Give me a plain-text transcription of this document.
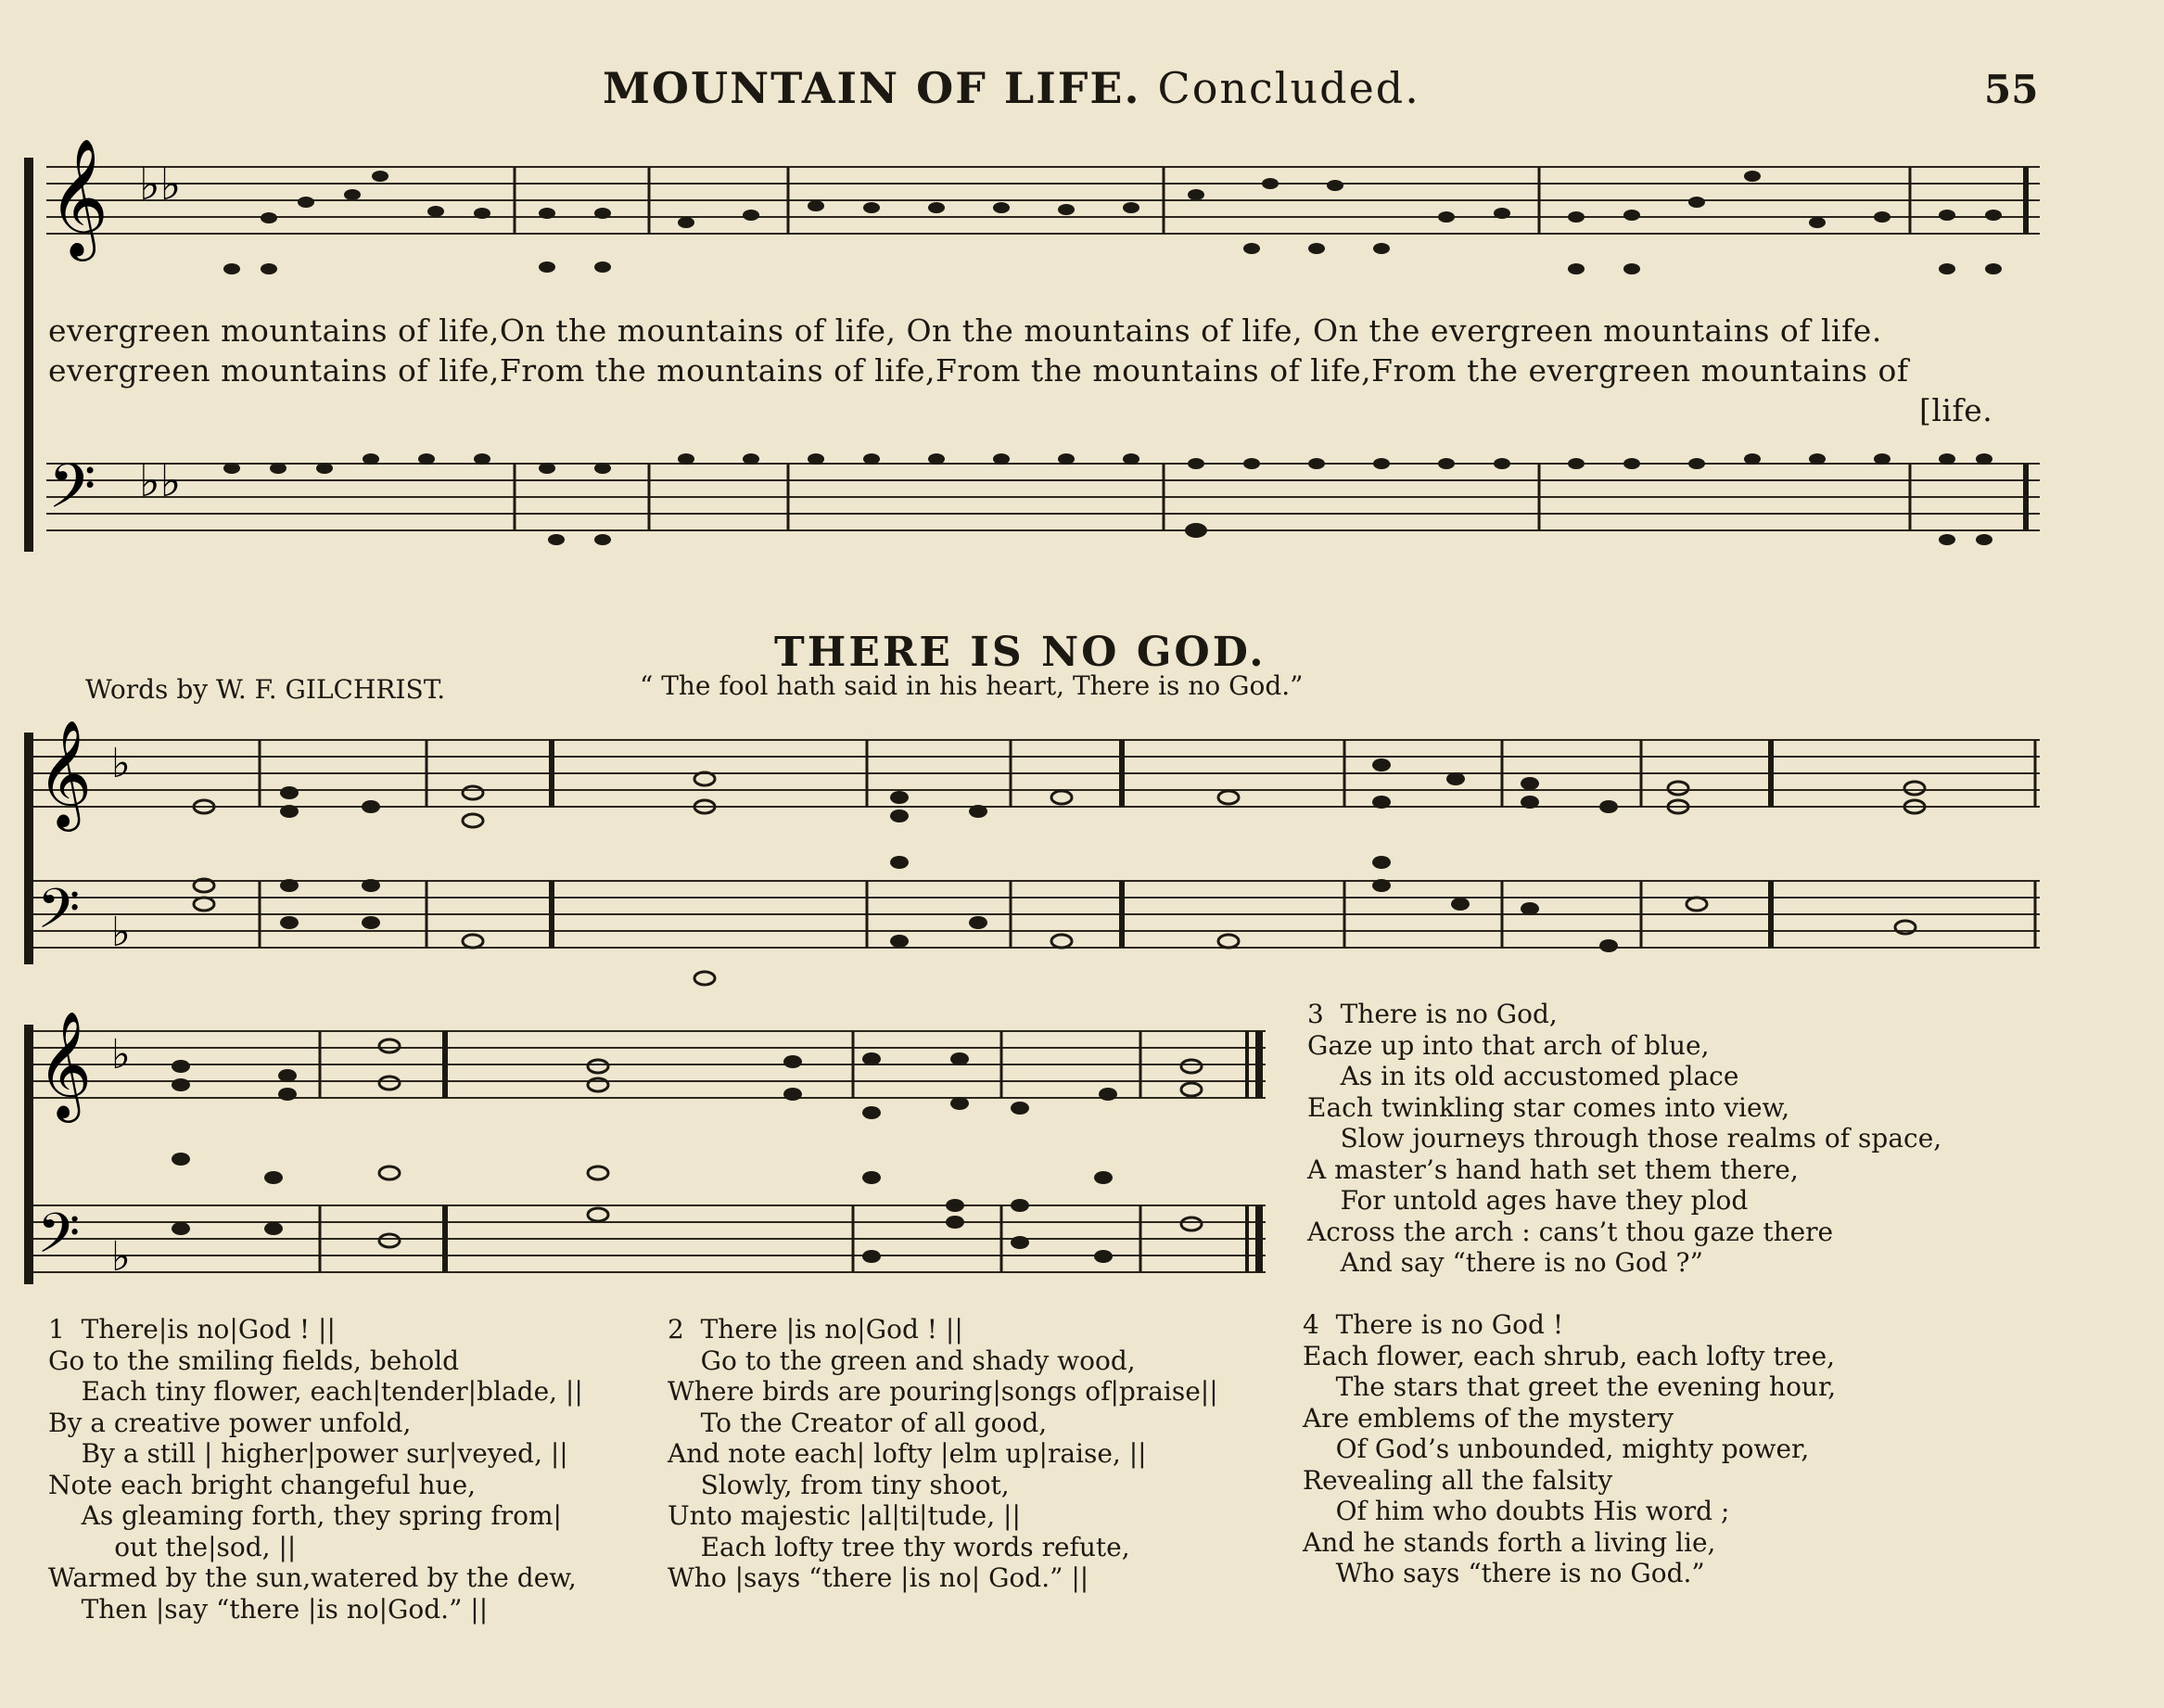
MOUNTAIN OF LIFE. Concluded.	55
𝄞
𝄢
♭♭
♭♭
𝄞
𝄢
♭
♭
𝄞
𝄢
♭
♭
evergreen mountains of life,On the mountains of life, On the mountains of life, On the evergreen mountains of life.
evergreen mountains of life,From the mountains of life,From the mountains of life,From the evergreen mountains of
[life.
THERE IS NO GOD.
Words by W. F. GILCHRIST.	“ The fool hath said in his heart, There is no God.”
1  There|is no|God ! ||
Go to the smiling fields, behold
Each tiny flower, each|tender|blade, ||
By a creative power unfold,
By a still | higher|power sur|veyed, ||
Note each bright changeful hue,
As gleaming forth, they spring from|
out the|sod, ||
Warmed by the sun,watered by the dew,
Then |say “there |is no|God.” ||
2  There |is no|God ! ||
Go to the green and shady wood,
Where birds are pouring|songs of|praise||
To the Creator of all good,
And note each| lofty |elm up|raise, ||
Slowly, from tiny shoot,
Unto majestic |al|ti|tude, ||
Each lofty tree thy words refute,
Who |says “there |is no| God.” ||
3  There is no God,
Gaze up into that arch of blue,
As in its old accustomed place
Each twinkling star comes into view,
Slow journeys through those realms of space,
A master’s hand hath set them there,
For untold ages have they plod
Across the arch : cans’t thou gaze there
And say “there is no God ?”
4  There is no God !
Each flower, each shrub, each lofty tree,
The stars that greet the evening hour,
Are emblems of the mystery
Of God’s unbounded, mighty power,
Revealing all the falsity
Of him who doubts His word ;
And he stands forth a living lie,
Who says “there is no God.”
